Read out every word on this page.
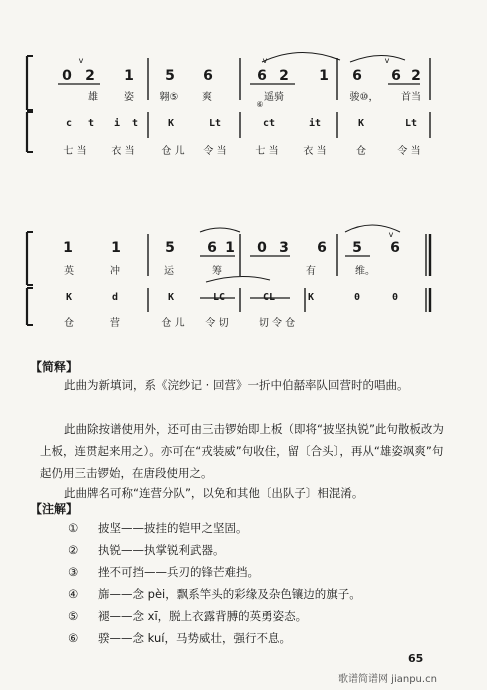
v	v	v
0 2	1	5	6	6 2	1	6	6 2
雄	姿	翱⑤	爽	遥骑
⑥
骏⑩，	首当
c	t	i	t	K	Lt	ct	it	K	Lt
七 当	衣 当	仓 儿	令 当	七 当	衣 当	仓	令 当
v
1	1	5	6 1	0 3	6	5	6
英	冲	运	筹	有	维。
K	d	K	LC	CL	K	0	0
仓	营	仓 儿	令 切	切 令 仓
【简释】
此曲为新填词，系《浣纱记 · 回营》一折中伯嚭率队回营时的唱曲。
此曲除按谱使用外，还可由三击锣始即上板（即将“披坚执锐”此句散板改为上板，连贯起来用之）。亦可在“戎装威”句收住，留〔合头〕，再从“雄姿飒爽”句起仍用三击锣始，在唐段使用之。
此曲牌名可称“连营分队”，以免和其他〔出队子〕相混淆。
【注解】
① 披坚——披挂的铠甲之坚固。
② 执锐——执掌锐利武器。
③ 挫不可挡——兵刃的锋芒难挡。
④ 旆——念 pèi，飘系竿头的彩缘及杂色镶边的旗子。
⑤ 褪——念 xī，脱上衣露背膊的英勇姿态。
⑥ 骙——念 kuí，马势威壮，强行不息。
65
歌谱简谱网 jianpu.cn
